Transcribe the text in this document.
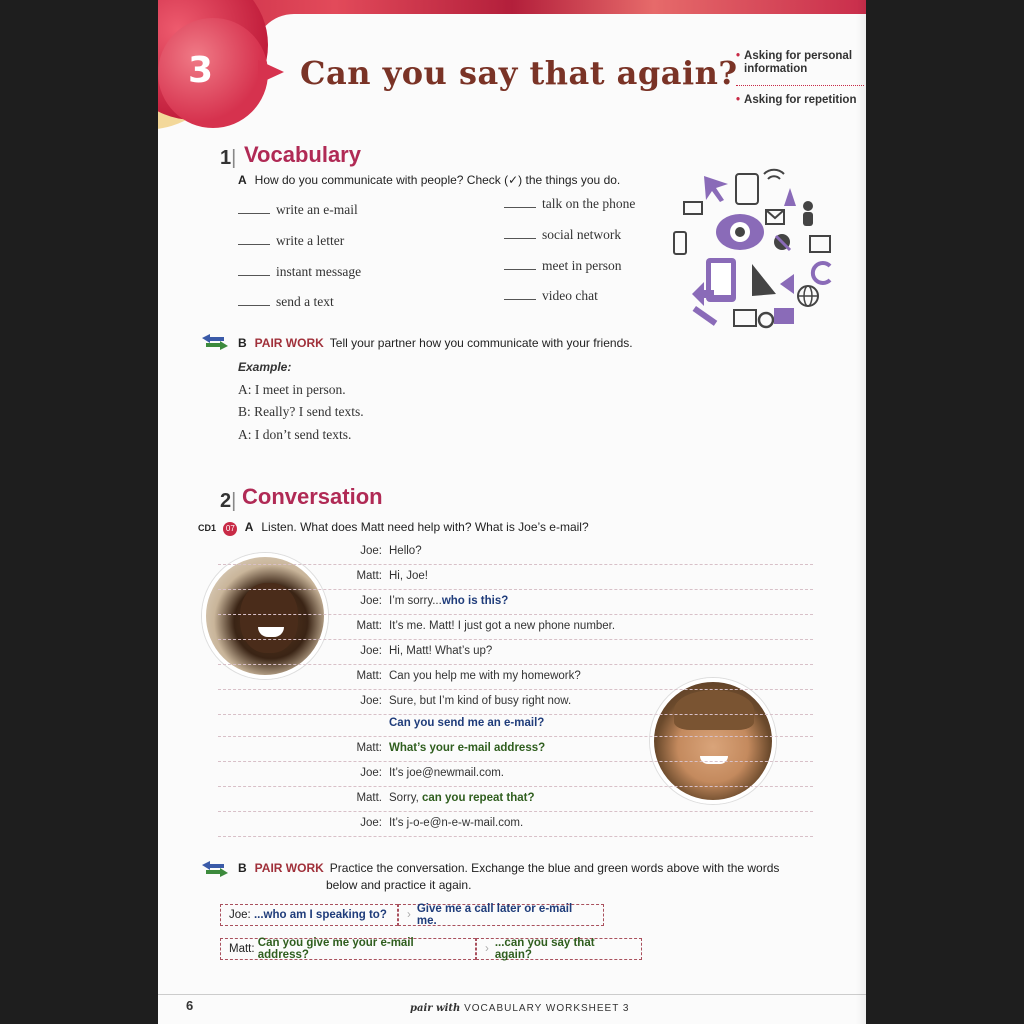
3	Can you say that again?
• Asking for personal information
• Asking for repetition
1| Vocabulary
A How do you communicate with people? Check (✓) the things you do.
write an e-mail
write a letter
instant message
send a text
talk on the phone
social network
meet in person
video chat
B PAIR WORK Tell your partner how you communicate with your friends.
Example:
A: I meet in person.
B: Really? I send texts.
A: I don’t send texts.
2| Conversation
CD1 07 A Listen. What does Matt need help with? What is Joe’s e-mail?
B PAIR WORK Practice the conversation. Exchange the blue and green words above with the words
below and practice it again.
Joe:
...who am I speaking to? › Give me a call later or e-mail me.
Matt:
Can you give me your e-mail address?	› ...can you say that again?
6	pair with VOCABULARY WORKSHEET 3
Joe: Hello?
Matt: Hi, Joe!
Joe: I’m sorry...who is this?
Matt: It’s me. Matt! I just got a new phone number.
Joe: Hi, Matt! What’s up?
Matt: Can you help me with my homework?
Joe: Sure, but I’m kind of busy right now.
Can you send me an e-mail?
Matt: What’s your e-mail address?
Joe: It’s joe@newmail.com.
Matt. Sorry, can you repeat that?
Joe: It’s j-o-e@n-e-w-mail.com.
